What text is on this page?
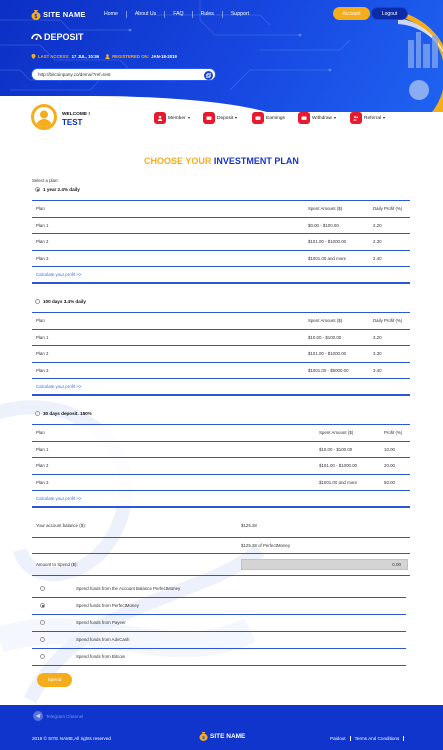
$ SITE NAME	Home	About Us	FAQ	Rules	Support	Account	Logout
DEPOSIT
LAST ACCESS: 17 JUL, 10:36	REGISTERED ON: JAN-18-2019
http://bitcoinpany.co/demo/?ref=test
WELCOME !
TEST	Member	Deposit	Earnings	Withdraw	Referral
CHOOSE YOUR INVESTMENT PLAN
Select a plan:
1 year 2.4% daily
Plan	Spent Amount ($)	Daily Profit (%)
Plan 1	$0.00 - $100.00	2.20
Plan 2	$101.00 - $1000.00	2.30
Plan 3	$1001.00 and more	2.40
Calculate your profit >>		
100 days 3.4% daily
Plan	Spent Amount ($)	Daily Profit (%)
Plan 1	$10.00 - $100.00	3.20
Plan 2	$101.00 - $1000.00	3.30
Plan 3	$1001.00 - $5000.00	3.40
Calculate your profit >>		
30 days deposit. 150%
Plan	Spent Amount ($)	Profit (%)
Plan 1	$10.00 - $100.00	10.00
Plan 2	$101.00 - $1000.00	20.00
Plan 3	$1001.00 and more	50.00
Calculate your profit >>		
Your account balance ($):	$125.28
	$125.28 of PerfectMoney
Amount to Spend ($):	0.00
	Spend funds from the Account Balance PerfectMoney

	Spend funds from PerfectMoney

	Spend funds from Payeer

	Spend funds from AdvCash

	Spend funds from Bitcoin
Spend
Telegram Channel
2019 © SITE NAME,All rights reserved	$ SITE NAME	Paidout	Terms And Conditions
